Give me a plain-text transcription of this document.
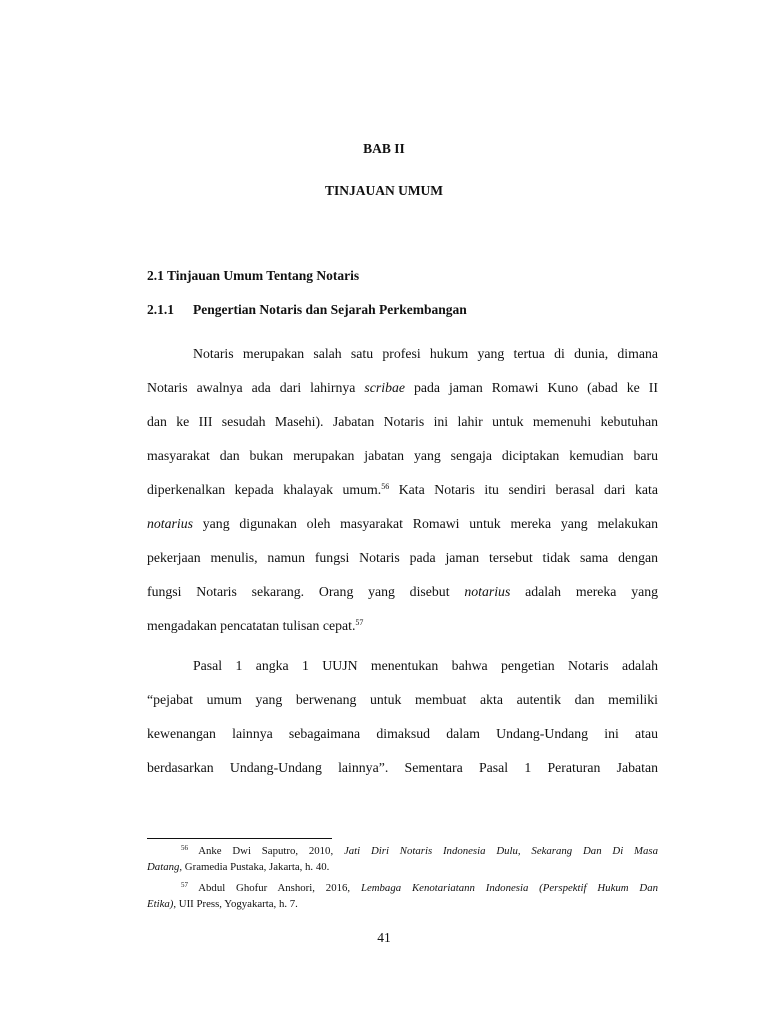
BAB II
TINJAUAN UMUM
2.1 Tinjauan Umum Tentang Notaris
2.1.1 Pengertian Notaris dan Sejarah Perkembangan
Notaris merupakan salah satu profesi hukum yang tertua di dunia, dimana
Notaris awalnya ada dari lahirnya scribae pada jaman Romawi Kuno (abad ke II
dan ke III sesudah Masehi). Jabatan Notaris ini lahir untuk memenuhi kebutuhan
masyarakat dan bukan merupakan jabatan yang sengaja diciptakan kemudian baru
diperkenalkan kepada khalayak umum.$^{56}$ Kata Notaris itu sendiri berasal dari kata
notarius yang digunakan oleh masyarakat Romawi untuk mereka yang melakukan
pekerjaan menulis, namun fungsi Notaris pada jaman tersebut tidak sama dengan
fungsi Notaris sekarang. Orang yang disebut notarius adalah mereka yang
mengadakan pencatatan tulisan cepat.$^{57}$
Pasal 1 angka 1 UUJN menentukan bahwa pengetian Notaris adalah
“pejabat umum yang berwenang untuk membuat akta autentik dan memiliki
kewenangan lainnya sebagaimana dimaksud dalam Undang-Undang ini atau
berdasarkan Undang-Undang lainnya”. Sementara Pasal 1 Peraturan Jabatan
$^{56}$ Anke Dwi Saputro, 2010, Jati Diri Notaris Indonesia Dulu, Sekarang Dan Di Masa
Datang, Gramedia Pustaka, Jakarta, h. 40.
$^{57}$ Abdul Ghofur Anshori, 2016, Lembaga Kenotariatann Indonesia (Perspektif Hukum Dan
Etika), UII Press, Yogyakarta, h. 7.
41
